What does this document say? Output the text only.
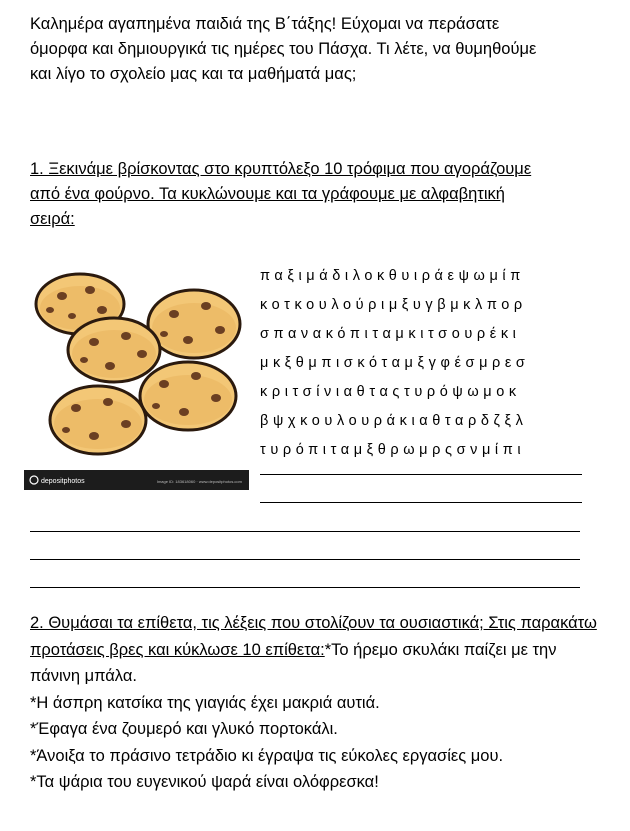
Καλημέρα αγαπημένα παιδιά της Β΄τάξης! Εύχομαι να περάσατε
όμορφα και δημιουργικά τις ημέρες του Πάσχα. Τι λέτε, να θυμηθούμε
και λίγο το σχολείο μας και τα μαθήματά μας;
1. Ξεκινάμε βρίσκοντας στο κρυπτόλεξο 10 τρόφιμα που αγοράζουμε
από ένα φούρνο. Τα κυκλώνουμε και τα γράφουμε με αλφαβητική
σειρά:
depositphotos	Image ID: 183618060 · www.depositphotos.com
παξιμάδιλοκθυιράεψωμίπ
κοτκουλούριμξυγβμκλπορ
σπανακόπιταμκιτσουρέκι
μκξθμπισκόταμξγφέσμρεσ
κριτσίνιαθταςτυρόψωμοκ
βψχκουλουράκιαθταρδζξλ
τυρόπιταμξθρωμρςσνμίπι
2. Θυμάσαι τα επίθετα, τις λέξεις που στολίζουν τα ουσιαστικά; Στις παρακάτω προτάσεις βρες και κύκλωσε 10 επίθετα:*Το ήρεμο σκυλάκι παίζει με την πάνινη μπάλα.
*Η άσπρη κατσίκα της γιαγιάς έχει μακριά αυτιά.
*Έφαγα ένα ζουμερό και γλυκό πορτοκάλι.
*Άνοιξα το πράσινο τετράδιο κι έγραψα τις εύκολες εργασίες μου.
*Τα ψάρια του ευγενικού ψαρά είναι ολόφρεσκα!
